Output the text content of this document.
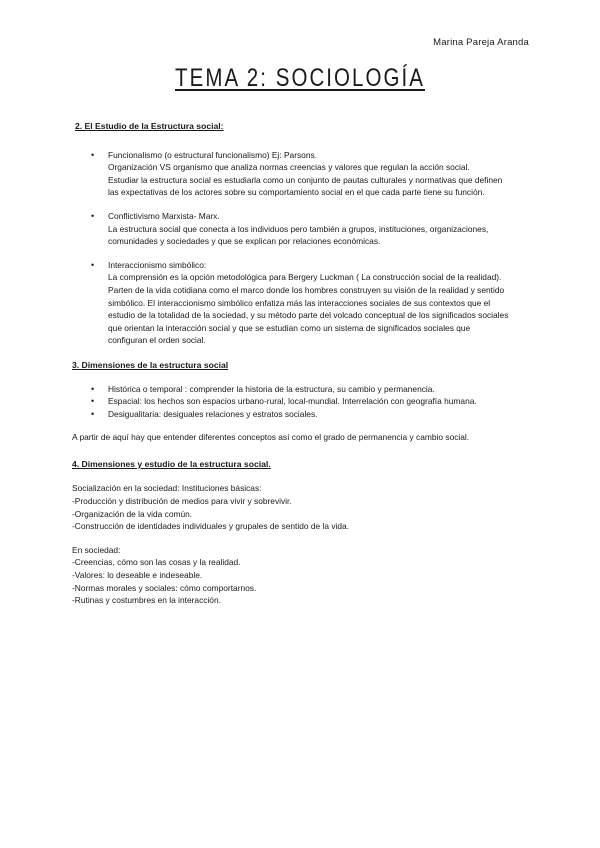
Marina Pareja Aranda
TEMA 2: SOCIOLOGÍA
2. El Estudio de la Estructura social:
• Funcionalismo (o estructural funcionalismo) Ej: Parsons.
Organización VS organismo que analiza normas creencias y valores que regulan la acción social.
Estudiar la estructura social es estudiarla como un conjunto de pautas culturales y normativas que definen
las expectativas de los actores sobre su comportamiento social en el que cada parte tiene su función.
• Conflictivismo Marxista- Marx.
La estructura social que conecta a los individuos pero también a grupos, instituciones, organizaciones,
comunidades y sociedades y que se explican por relaciones económicas.
• Interaccionismo simbólico:
La comprensión es la opción metodológica para Bergery Luckman ( La construcción social de la realidad).
Parten de la vida cotidiana como el marco donde los hombres construyen su visión de la realidad y sentido
simbólico. El interaccionismo simbólico enfatiza más las interacciones sociales de sus contextos que el
estudio de la totalidad de la sociedad, y su método parte del volcado conceptual de los significados sociales
que orientan la interacción social y que se estudian como un sistema de significados sociales que
configuran el orden social.
3. Dimensiones de la estructura social
• Histórica o temporal : comprender la historia de la estructura, su cambio y permanencia.
• Espacial: los hechos son espacios urbano-rural, local-mundial. Interrelación con geografía humana.
• Desigualitaria: desiguales relaciones y estratos sociales.

A partir de aquí hay que entender diferentes conceptos así como el grado de permanencia y cambio social.

4. Dimensiones y estudio de la estructura social.
Socialización en la sociedad: Instituciones básicas:
-Producción y distribución de medios para vivir y sobrevivir.
-Organización de la vida común.
-Construcción de identidades individuales y grupales de sentido de la vida.
En sociedad:
-Creencias, cómo son las cosas y la realidad.
-Valores: lo deseable e indeseable.
-Normas morales y sociales: cómo comportarnos.
-Rutinas y costumbres en la interacción.
